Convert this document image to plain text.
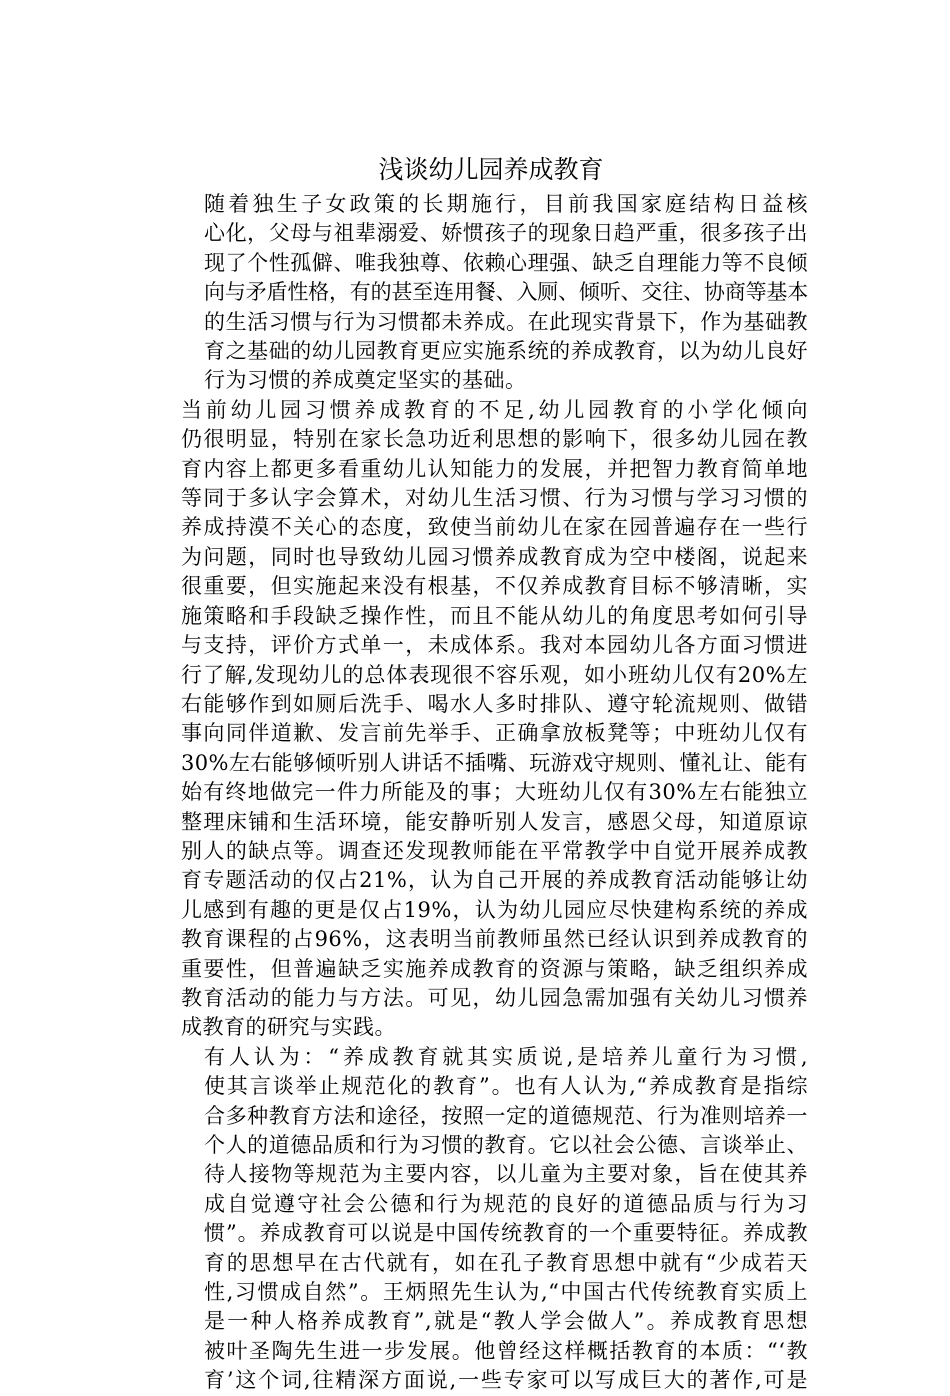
浅谈幼儿园养成教育

随着独生子女政策的长期施行，目前我国家庭结构日益核
心化，父母与祖辈溺爱、娇惯孩子的现象日趋严重，很多孩子出
现了个性孤僻、唯我独尊、依赖心理强、缺乏自理能力等不良倾
向与矛盾性格，有的甚至连用餐、入厕、倾听、交往、协商等基本
的生活习惯与行为习惯都未养成。在此现实背景下，作为基础教
育之基础的幼儿园教育更应实施系统的养成教育，以为幼儿良好
行为习惯的养成奠定坚实的基础。

当前幼儿园习惯养成教育的不足,幼儿园教育的小学化倾向
仍很明显，特别在家长急功近利思想的影响下，很多幼儿园在教
育内容上都更多看重幼儿认知能力的发展，并把智力教育简单地
等同于多认字会算术，对幼儿生活习惯、行为习惯与学习习惯的
养成持漠不关心的态度，致使当前幼儿在家在园普遍存在一些行
为问题，同时也导致幼儿园习惯养成教育成为空中楼阁，说起来
很重要，但实施起来没有根基，不仅养成教育目标不够清晰，实
施策略和手段缺乏操作性，而且不能从幼儿的角度思考如何引导
与支持，评价方式单一，未成体系。我对本园幼儿各方面习惯进
行了解,发现幼儿的总体表现很不容乐观，如小班幼儿仅有20%左
右能够作到如厕后洗手、喝水人多时排队、遵守轮流规则、做错
事向同伴道歉、发言前先举手、正确拿放板凳等；中班幼儿仅有
30%左右能够倾听别人讲话不插嘴、玩游戏守规则、懂礼让、能有
始有终地做完一件力所能及的事；大班幼儿仅有30%左右能独立
整理床铺和生活环境，能安静听别人发言，感恩父母，知道原谅
别人的缺点等。调查还发现教师能在平常教学中自觉开展养成教
育专题活动的仅占21%，认为自己开展的养成教育活动能够让幼
儿感到有趣的更是仅占19%，认为幼儿园应尽快建构系统的养成
教育课程的占96%，这表明当前教师虽然已经认识到养成教育的
重要性，但普遍缺乏实施养成教育的资源与策略，缺乏组织养成
教育活动的能力与方法。可见，幼儿园急需加强有关幼儿习惯养
成教育的研究与实践。

有人认为：“养成教育就其实质说,是培养儿童行为习惯,
使其言谈举止规范化的教育”。也有人认为,“养成教育是指综
合多种教育方法和途径，按照一定的道德规范、行为准则培养一
个人的道德品质和行为习惯的教育。它以社会公德、言谈举止、
待人接物等规范为主要内容，以儿童为主要对象，旨在使其养
成自觉遵守社会公德和行为规范的良好的道德品质与行为习
惯”。养成教育可以说是中国传统教育的一个重要特征。养成教
育的思想早在古代就有，如在孔子教育思想中就有“少成若天
性,习惯成自然”。王炳照先生认为,“中国古代传统教育实质上
是一种人格养成教育”,就是“教人学会做人”。养成教育思想
被叶圣陶先生进一步发展。他曾经这样概括教育的本质：“‘教
育’这个词,往精深方面说,一些专家可以写成巨大的著作,可是
